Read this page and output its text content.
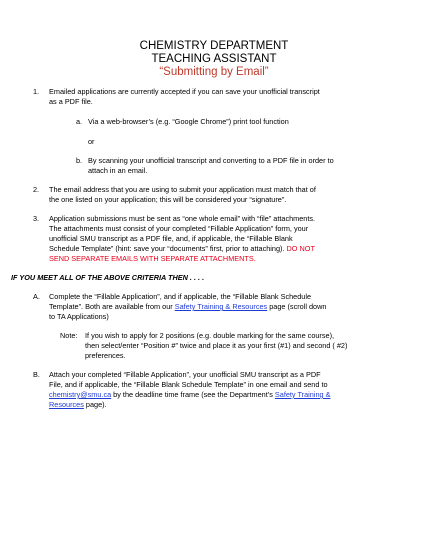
CHEMISTRY DEPARTMENT
TEACHING ASSISTANT
“Submitting by Email”
1. Emailed applications are currently accepted if you can save your unofficial transcript
as a PDF file.
a. Via a web-browser’s (e.g. “Google Chrome”) print tool function
or
b. By scanning your unofficial transcript and converting to a PDF file in order to
attach in an email.
2. The email address that you are using to submit your application must match that of
the one listed on your application; this will be considered your “signature”.
3. Application submissions must be sent as “one whole email” with “file” attachments.
The attachments must consist of your completed “Fillable Application” form, your
unofficial SMU transcript as a PDF file, and, if applicable, the “Fillable Blank
Schedule Template” (hint: save your “documents” first, prior to attaching). DO NOT
SEND SEPARATE EMAILS WITH SEPARATE ATTACHMENTS.
IF YOU MEET ALL OF THE ABOVE CRITERIA THEN . . . .
A. Complete the “Fillable Application”, and if applicable, the “Fillable Blank Schedule
Template”. Both are available from our Safety Training & Resources page (scroll down
to TA Applications)
Note: If you wish to apply for 2 positions (e.g. double marking for the same course),
then select/enter “Position #” twice and place it as your first (#1) and second ( #2)
preferences.
B. Attach your completed “Fillable Application”, your unofficial SMU transcript as a PDF
File, and if applicable, the “Fillable Blank Schedule Template” in one email and send to
chemistry@smu.ca by the deadline time frame (see the Department’s Safety Training &
Resources page).
